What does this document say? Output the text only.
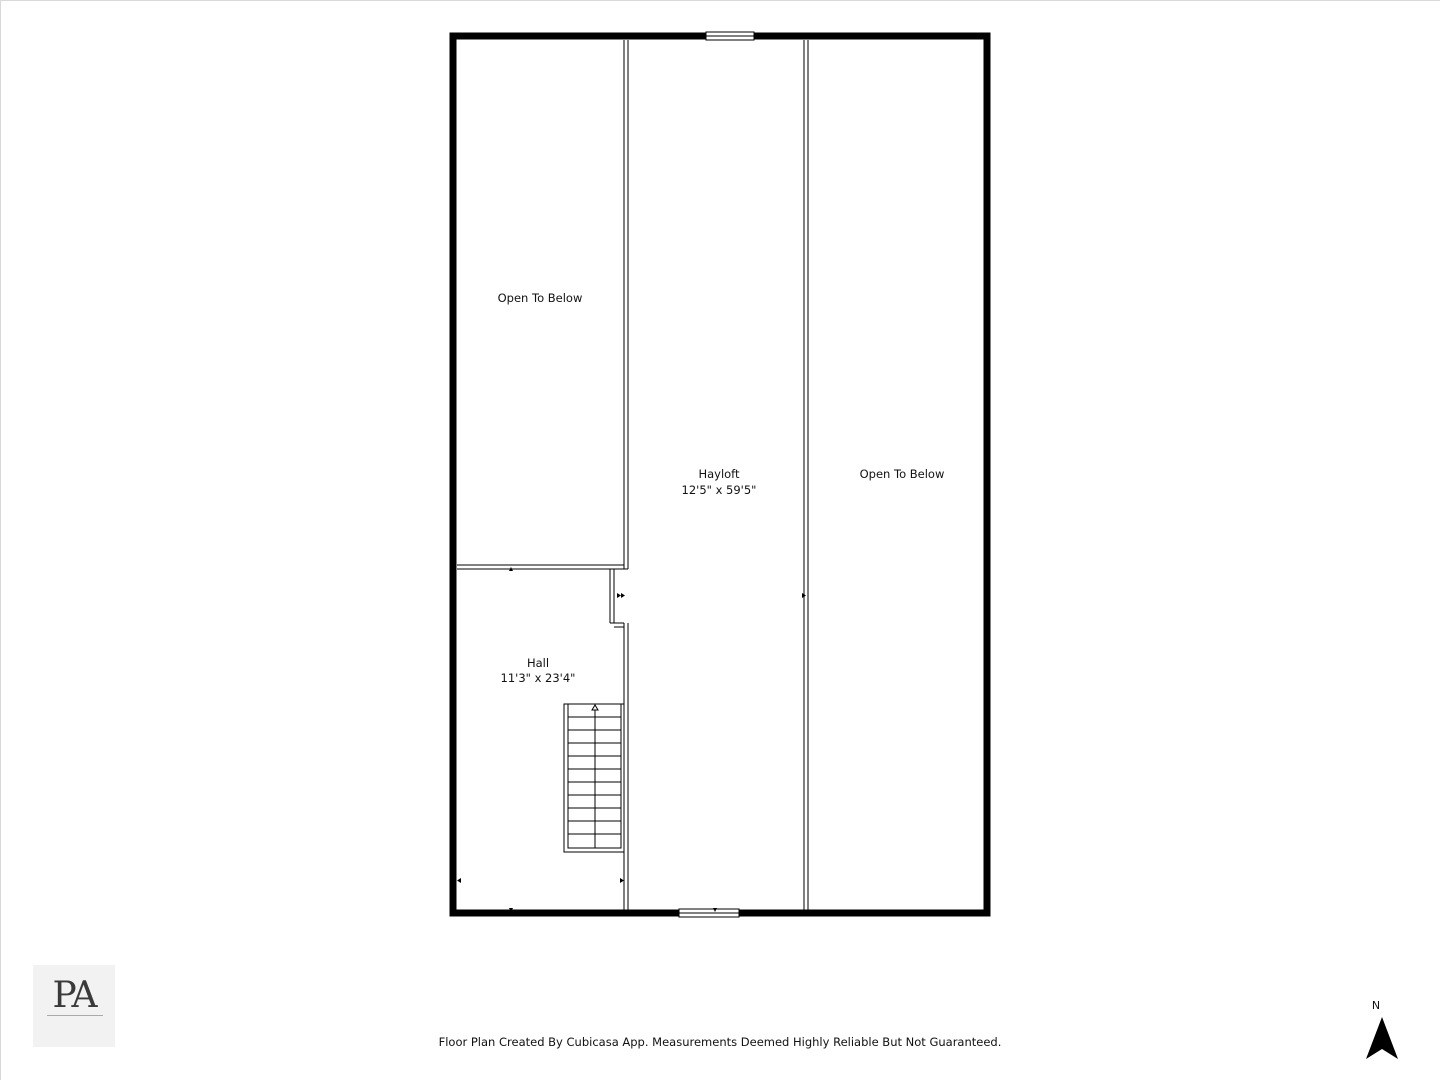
Open To Below
Hayloft
12'5" x 59'5"
Open To Below
Hall
11'3" x 23'4"
PA
Floor Plan Created By Cubicasa App. Measurements Deemed Highly Reliable But Not Guaranteed.
N
